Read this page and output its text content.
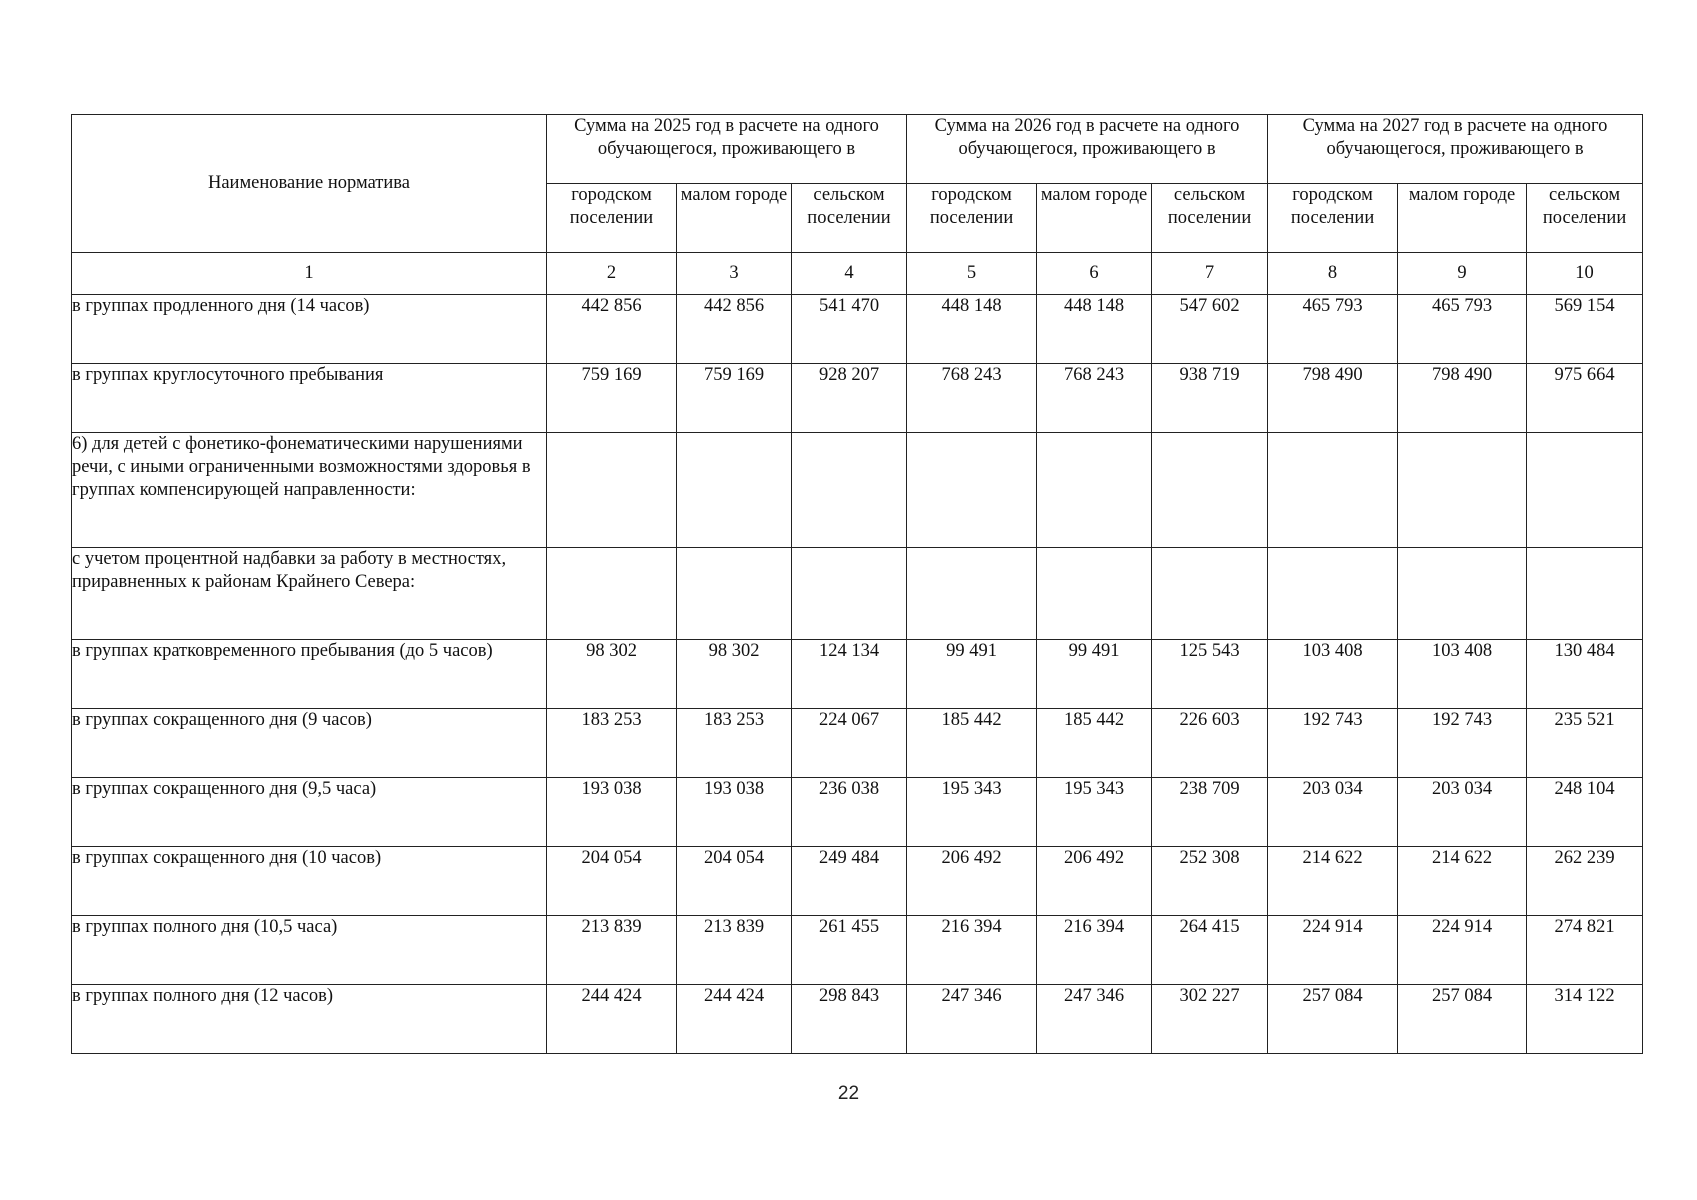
Наименование норматива	Сумма на 2025 год в расчете на одного обучающегося, проживающего в			Сумма на 2026 год в расчете на одного обучающегося, проживающего в			Сумма на 2027 год в расчете на одного обучающегося, проживающего в		
	городском поселении	малом городе	сельском поселении	городском поселении	малом городе	сельском поселении	городском поселении	малом городе	сельском поселении
1	2	3	4	5	6	7	8	9	10
в группах продленного дня (14 часов)	442 856	442 856	541 470	448 148	448 148	547 602	465 793	465 793	569 154
в группах круглосуточного пребывания	759 169	759 169	928 207	768 243	768 243	938 719	798 490	798 490	975 664
6) для детей с фонетико-фонематическими нарушениями речи, с иными ограниченными возможностями здоровья в группах компенсирующей направленности:									
с учетом процентной надбавки за работу в местностях, приравненных к районам Крайнего Севера:									
в группах кратковременного пребывания (до 5 часов)	98 302	98 302	124 134	99 491	99 491	125 543	103 408	103 408	130 484
в группах сокращенного дня (9 часов)	183 253	183 253	224 067	185 442	185 442	226 603	192 743	192 743	235 521
в группах сокращенного дня (9,5 часа)	193 038	193 038	236 038	195 343	195 343	238 709	203 034	203 034	248 104
в группах сокращенного дня (10 часов)	204 054	204 054	249 484	206 492	206 492	252 308	214 622	214 622	262 239
в группах полного дня (10,5 часа)	213 839	213 839	261 455	216 394	216 394	264 415	224 914	224 914	274 821
в группах полного дня (12 часов)	244 424	244 424	298 843	247 346	247 346	302 227	257 084	257 084	314 122
22
